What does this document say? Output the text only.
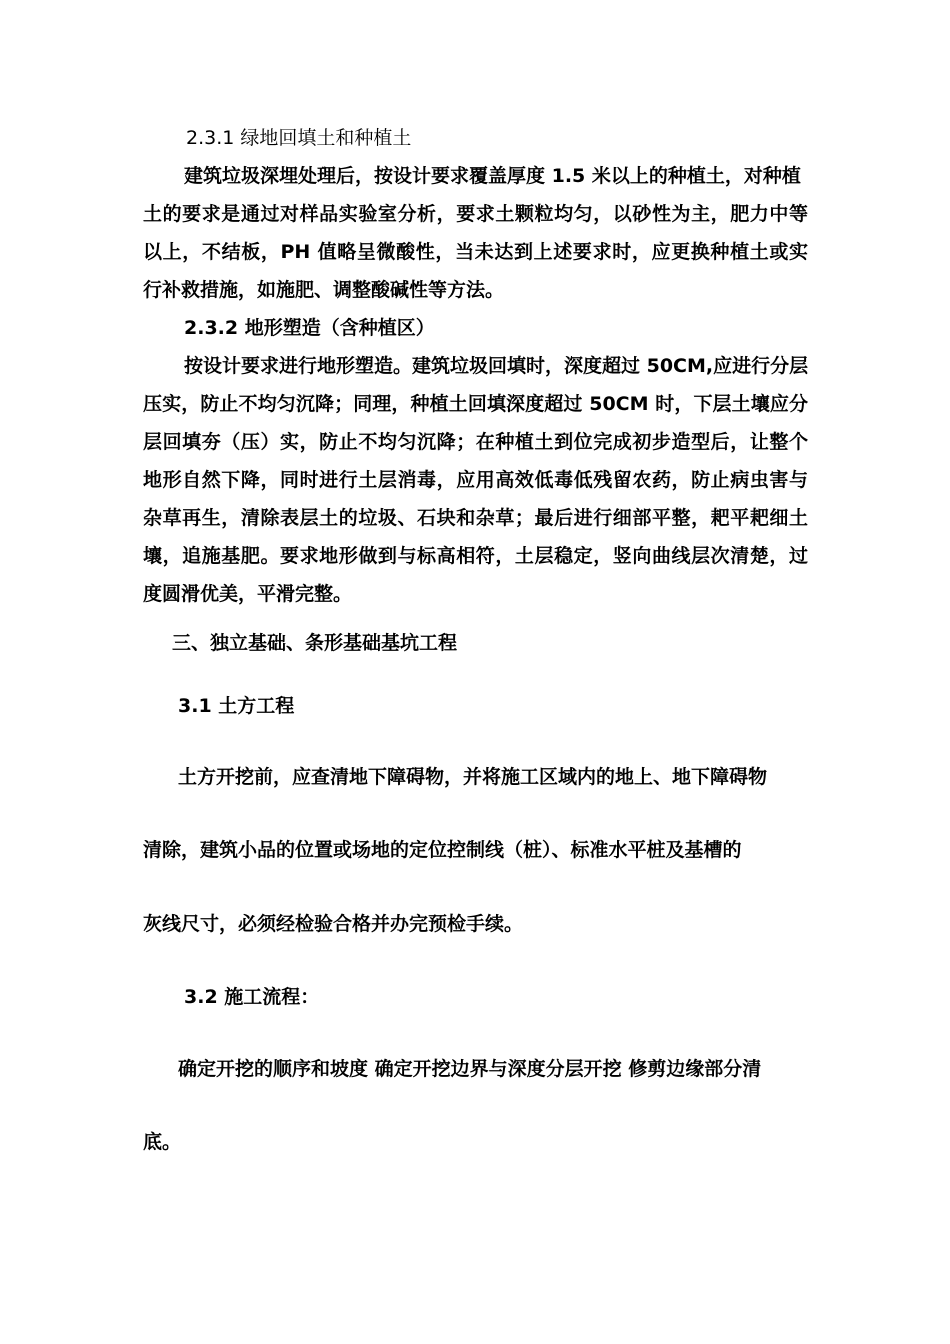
2.3.1 绿地回填土和种植土
建筑垃圾深埋处理后，按设计要求覆盖厚度 1.5 米以上的种植土，对种植
土的要求是通过对样品实验室分析，要求土颗粒均匀，以砂性为主，肥力中等
以上，不结板，PH 值略呈微酸性，当未达到上述要求时，应更换种植土或实
行补救措施，如施肥、调整酸碱性等方法。
2.3.2 地形塑造（含种植区）
按设计要求进行地形塑造。建筑垃圾回填时，深度超过 50CM,应进行分层
压实，防止不均匀沉降；同理，种植土回填深度超过 50CM 时，下层土壤应分
层回填夯（压）实，防止不均匀沉降；在种植土到位完成初步造型后，让整个
地形自然下降，同时进行土层消毒，应用高效低毒低残留农药，防止病虫害与
杂草再生，清除表层土的垃圾、石块和杂草；最后进行细部平整，耙平耙细土
壤，追施基肥。要求地形做到与标高相符，土层稳定，竖向曲线层次清楚，过
度圆滑优美，平滑完整。
三、独立基础、条形基础基坑工程
3.1 土方工程
土方开挖前，应查清地下障碍物，并将施工区域内的地上、地下障碍物
清除，建筑小品的位置或场地的定位控制线（桩）、标准水平桩及基槽的
灰线尺寸，必须经检验合格并办完预检手续。
3.2 施工流程：
确定开挖的顺序和坡度 确定开挖边界与深度分层开挖 修剪边缘部分清
底。
